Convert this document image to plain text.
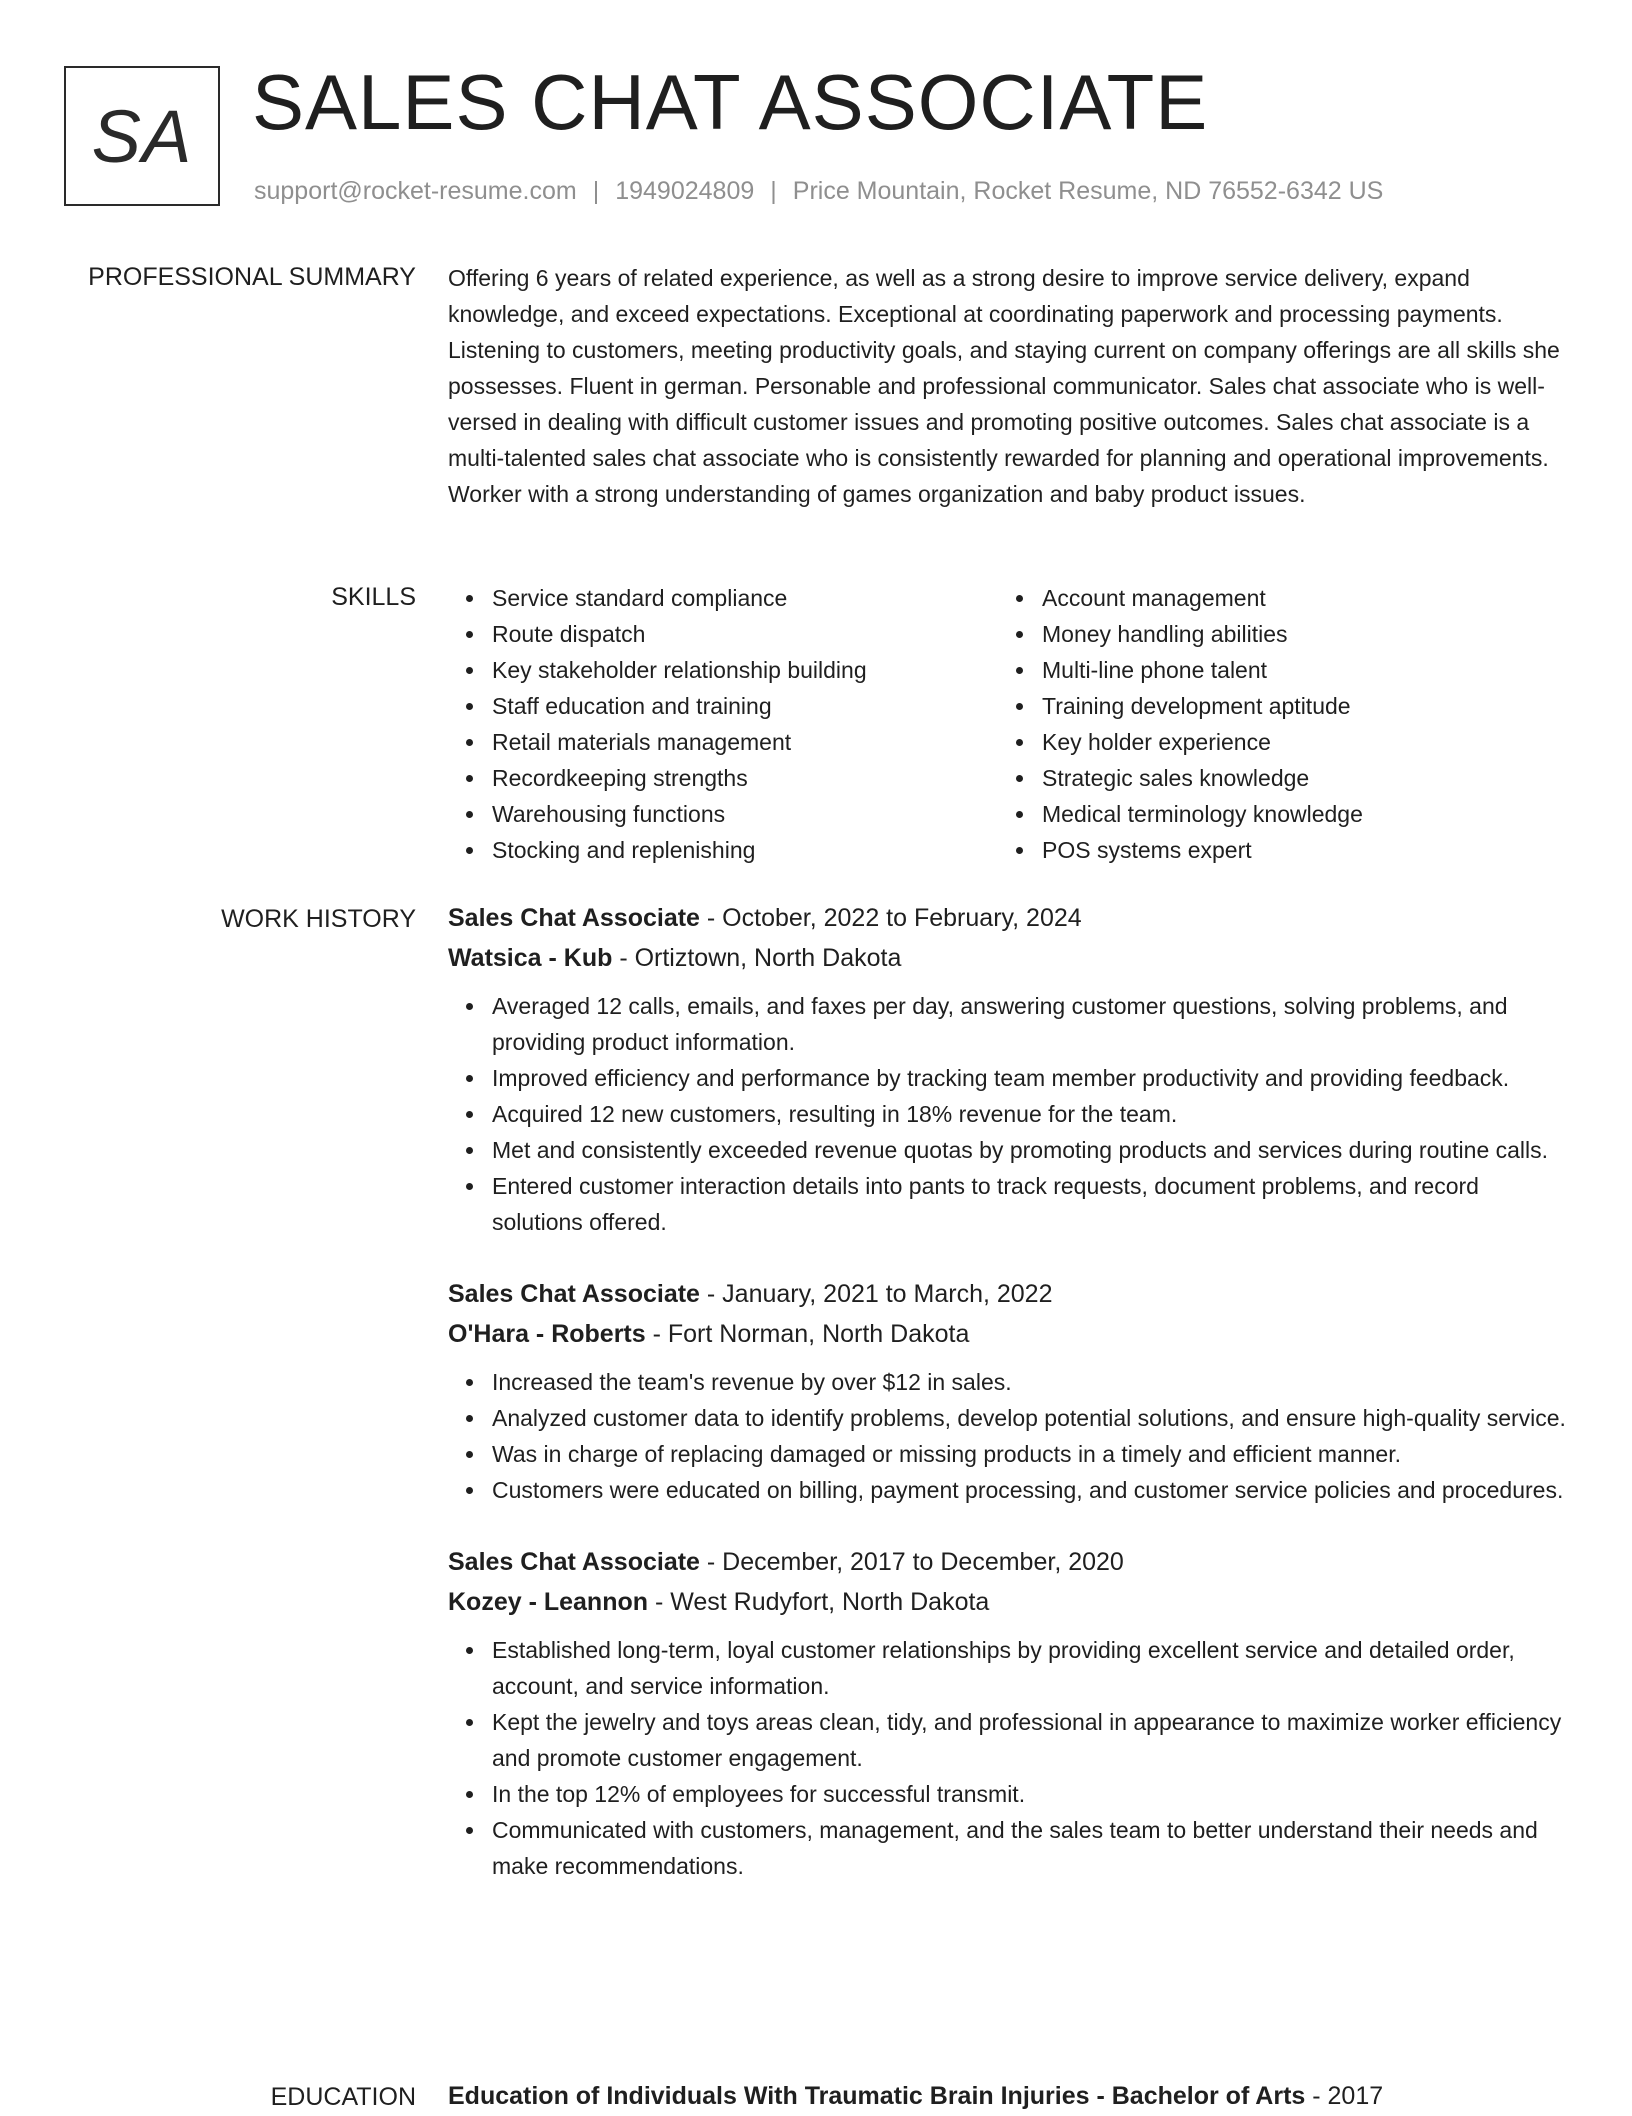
SA SALES CHAT ASSOCIATE
support@rocket-resume.com | 1949024809 | Price Mountain, Rocket Resume, ND 76552-6342 US
PROFESSIONAL SUMMARY Offering 6 years of related experience, as well as a strong desire to improve service delivery, expand knowledge, and exceed expectations. Exceptional at coordinating paperwork and processing payments. Listening to customers, meeting productivity goals, and staying current on company offerings are all skills she possesses. Fluent in german. Personable and professional communicator. Sales chat associate who is well-versed in dealing with difficult customer issues and promoting positive outcomes. Sales chat associate is a multi-talented sales chat associate who is consistently rewarded for planning and operational improvements. Worker with a strong understanding of games organization and baby product issues.

SKILLS	Service standard compliance
Route dispatch
Key stakeholder relationship building
Staff education and training
Retail materials management
Recordkeeping strengths
Warehousing functions
Stocking and replenishing
Account management
Money handling abilities
Multi-line phone talent
Training development aptitude
Key holder experience
Strategic sales knowledge
Medical terminology knowledge
POS systems expert
WORK HISTORY Sales Chat Associate - October, 2022 to February, 2024
Watsica - Kub - Ortiztown, North Dakota
Averaged 12 calls, emails, and faxes per day, answering customer questions, solving problems, and providing product information.
Improved efficiency and performance by tracking team member productivity and providing feedback.
Acquired 12 new customers, resulting in 18% revenue for the team.
Met and consistently exceeded revenue quotas by promoting products and services during routine calls.
Entered customer interaction details into pants to track requests, document problems, and record solutions offered.
Sales Chat Associate - January, 2021 to March, 2022
O'Hara - Roberts - Fort Norman, North Dakota
Increased the team's revenue by over $12 in sales.
Analyzed customer data to identify problems, develop potential solutions, and ensure high-quality service.
Was in charge of replacing damaged or missing products in a timely and efficient manner.
Customers were educated on billing, payment processing, and customer service policies and procedures.
Sales Chat Associate - December, 2017 to December, 2020
Kozey - Leannon - West Rudyfort, North Dakota
Established long-term, loyal customer relationships by providing excellent service and detailed order, account, and service information.
Kept the jewelry and toys areas clean, tidy, and professional in appearance to maximize worker efficiency and promote customer engagement.
In the top 12% of employees for successful transmit.
Communicated with customers, management, and the sales team to better understand their needs and make recommendations.
EDUCATION Education of Individuals With Traumatic Brain Injuries - Bachelor of Arts - 2017
